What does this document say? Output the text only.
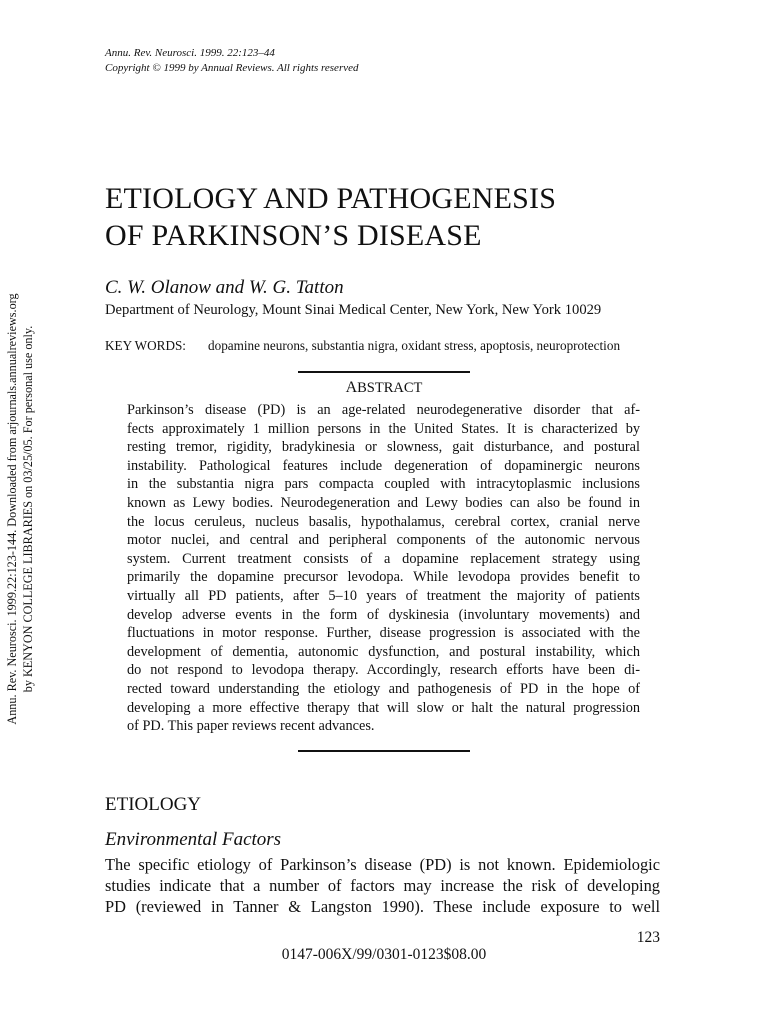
Annu. Rev. Neurosci. 1999. 22:123–44
Copyright © 1999 by Annual Reviews. All rights reserved
ETIOLOGY AND PATHOGENESIS
OF PARKINSON’S DISEASE
C. W. Olanow and W. G. Tatton
Department of Neurology, Mount Sinai Medical Center, New York, New York 10029
KEY WORDS: dopamine neurons, substantia nigra, oxidant stress, apoptosis, neuroprotection
ABSTRACT
Parkinson’s disease (PD) is an age-related neurodegenerative disorder that af-
fects approximately 1 million persons in the United States. It is characterized by
resting tremor, rigidity, bradykinesia or slowness, gait disturbance, and postural
instability. Pathological features include degeneration of dopaminergic neurons
in the substantia nigra pars compacta coupled with intracytoplasmic inclusions
known as Lewy bodies. Neurodegeneration and Lewy bodies can also be found in
the locus ceruleus, nucleus basalis, hypothalamus, cerebral cortex, cranial nerve
motor nuclei, and central and peripheral components of the autonomic nervous
system. Current treatment consists of a dopamine replacement strategy using
primarily the dopamine precursor levodopa. While levodopa provides benefit to
virtually all PD patients, after 5–10 years of treatment the majority of patients
develop adverse events in the form of dyskinesia (involuntary movements) and
fluctuations in motor response. Further, disease progression is associated with the
development of dementia, autonomic dysfunction, and postural instability, which
do not respond to levodopa therapy. Accordingly, research efforts have been di-
rected toward understanding the etiology and pathogenesis of PD in the hope of
developing a more effective therapy that will slow or halt the natural progression
of PD. This paper reviews recent advances.
ETIOLOGY
Environmental Factors
The specific etiology of Parkinson’s disease (PD) is not known. Epidemiologic
studies indicate that a number of factors may increase the risk of developing
PD (reviewed in Tanner & Langston 1990). These include exposure to well
123
0147-006X/99/0301-0123$08.00
Annu. Rev. Neurosci. 1999.22:123-144. Downloaded from arjournals.annualreviews.org by KENYON COLLEGE LIBRARIES on 03/25/05. For personal use only.
